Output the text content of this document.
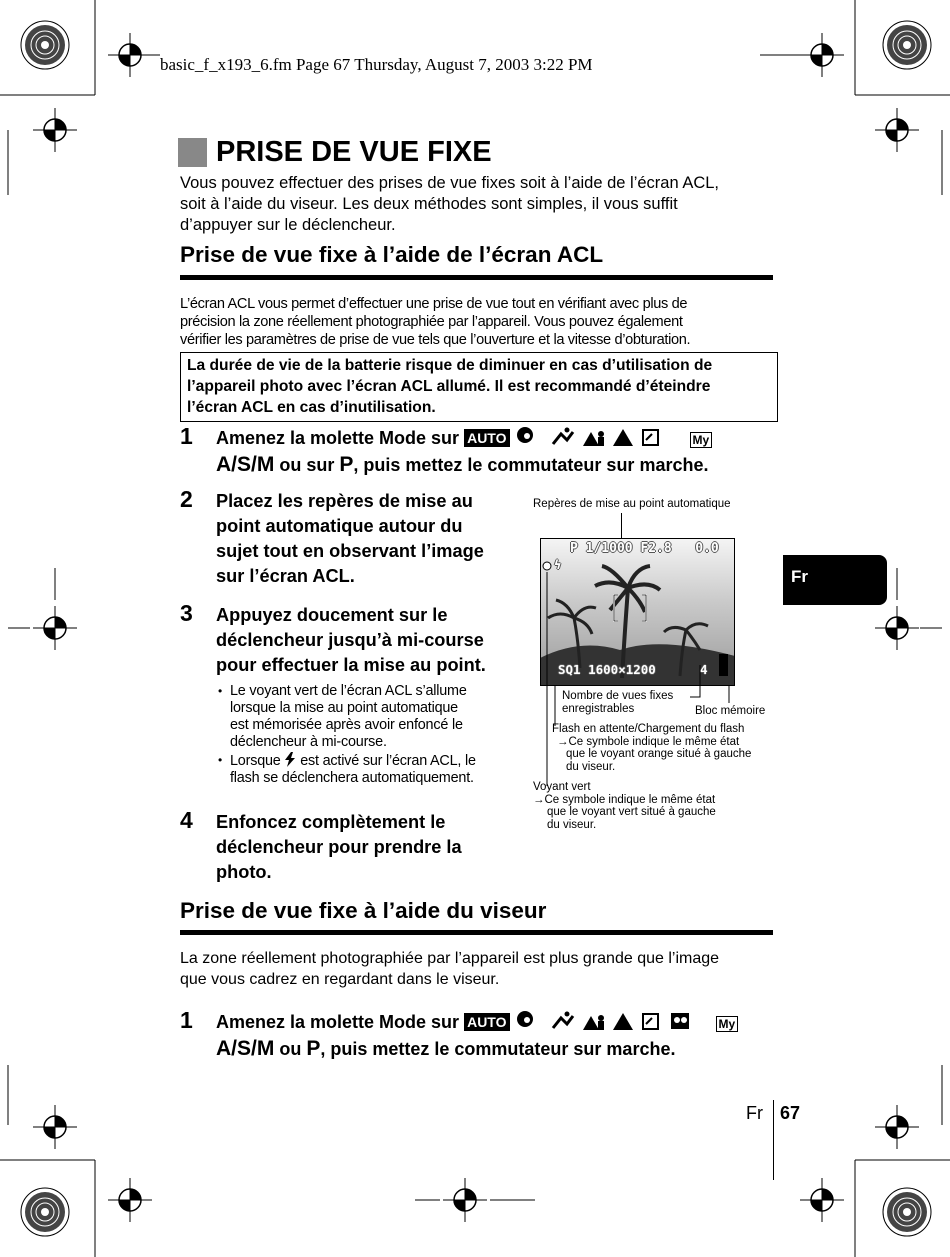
basic_f_x193_6.fm Page 67 Thursday, August 7, 2003 3:22 PM
PRISE DE VUE FIXE
Vous pouvez effectuer des prises de vue fixes soit à l’aide de l’écran ACL,
soit à l’aide du viseur. Les deux méthodes sont simples, il vous suffit
d’appuyer sur le déclencheur.
Prise de vue fixe à l’aide de l’écran ACL
L’écran ACL vous permet d’effectuer une prise de vue tout en vérifiant avec plus de
précision la zone réellement photographiée par l’appareil. Vous pouvez également
vérifier les paramètres de prise de vue tels que l’ouverture et la vitesse d’obturation.
La durée de vie de la batterie risque de diminuer en cas d’utilisation de
l’appareil photo avec l’écran ACL allumé. Il est recommandé d’éteindre
l’écran ACL en cas d’inutilisation.
1 Amenez la molette Mode sur AUTO	My
A/S/M ou sur P, puis mettez le commutateur sur marche.
2 Placez les repères de mise au
point automatique autour du
sujet tout en observant l’image
sur l’écran ACL.
3 Appuyez doucement sur le
déclencheur jusqu’à mi-course
pour effectuer la mise au point.
• Le voyant vert de l’écran ACL s’allume
lorsque la mise au point automatique
est mémorisée après avoir enfoncé le
déclencheur à mi-course.
• Lorsque est activé sur l’écran ACL, le
flash se déclenchera automatiquement.
4 Enfoncez complètement le
déclencheur pour prendre la
photo.
Repères de mise au point automatique
P 1/1000 F2.8   0.0
ϟ
SQ1 1600×1200	4
Nombre de vues fixes
enregistrables	Bloc mémoire
Flash en attente/Chargement du flash
→Ce symbole indique le même état
que le voyant orange situé à gauche
du viseur.
Voyant vert
→Ce symbole indique le même état
que le voyant vert situé à gauche
du viseur.
Fr
Prise de vue fixe à l’aide du viseur
La zone réellement photographiée par l’appareil est plus grande que l’image
que vous cadrez en regardant dans le viseur.
1 Amenez la molette Mode sur AUTO	My
A/S/M ou P, puis mettez le commutateur sur marche.
Fr 67
